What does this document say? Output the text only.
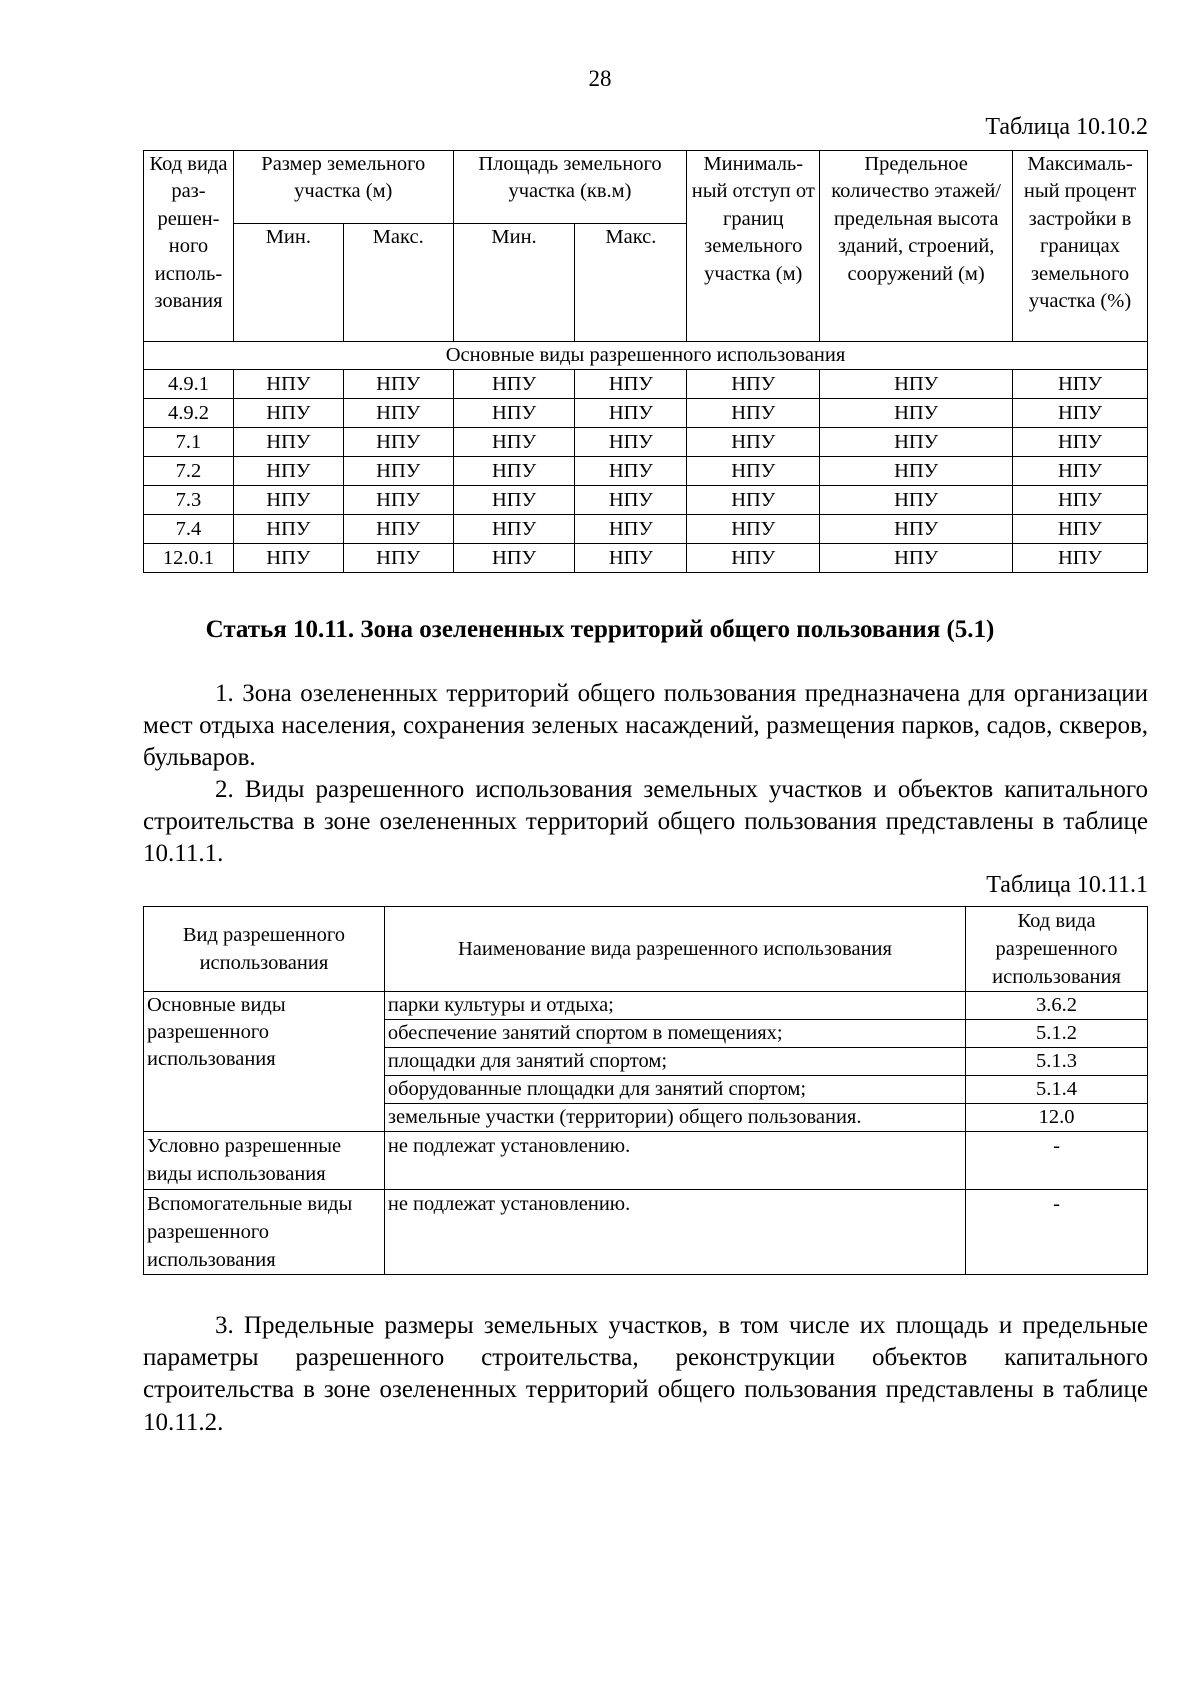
28
Таблица 10.10.2
Код вида раз- решен- ного исполь- зования	Размер земельного участка (м)		Площадь земельного участка (кв.м)		Минималь- ный отступ от границ земельного участка (м)	Предельное количество этажей/ предельная высота зданий, строений, сооружений (м)	Максималь- ный процент застройки в границах земельного участка (%)
	Мин.	Макс.	Мин.	Макс.			
Основные виды разрешенного использования							
4.9.1	НПУ	НПУ	НПУ	НПУ	НПУ	НПУ	НПУ
4.9.2	НПУ	НПУ	НПУ	НПУ	НПУ	НПУ	НПУ
7.1	НПУ	НПУ	НПУ	НПУ	НПУ	НПУ	НПУ
7.2	НПУ	НПУ	НПУ	НПУ	НПУ	НПУ	НПУ
7.3	НПУ	НПУ	НПУ	НПУ	НПУ	НПУ	НПУ
7.4	НПУ	НПУ	НПУ	НПУ	НПУ	НПУ	НПУ
12.0.1	НПУ	НПУ	НПУ	НПУ	НПУ	НПУ	НПУ
Статья 10.11. Зона озелененных территорий общего пользования (5.1)
1. Зона озелененных территорий общего пользования предназначена для организации мест отдыха населения, сохранения зеленых насаждений, размещения парков, садов, скверов, бульваров.
2. Виды разрешенного использования земельных участков и объектов капитального строительства в зоне озелененных территорий общего пользования представлены в таблице 10.11.1.
Таблица 10.11.1
Вид разрешенного использования	Наименование вида разрешенного использования	Код вида разрешенного использования
Основные виды разрешенного использования	парки культуры и отдыха;	3.6.2
	обеспечение занятий спортом в помещениях;	5.1.2
	площадки для занятий спортом;	5.1.3
	оборудованные площадки для занятий спортом;	5.1.4
	земельные участки (территории) общего пользования.	12.0
Условно разрешенные виды использования	не подлежат установлению.	-
Вспомогательные виды разрешенного использования	не подлежат установлению.	-
3. Предельные размеры земельных участков, в том числе их площадь и предельные параметры разрешенного строительства, реконструкции объектов капитального строительства в зоне озелененных территорий общего пользования представлены в таблице 10.11.2.
